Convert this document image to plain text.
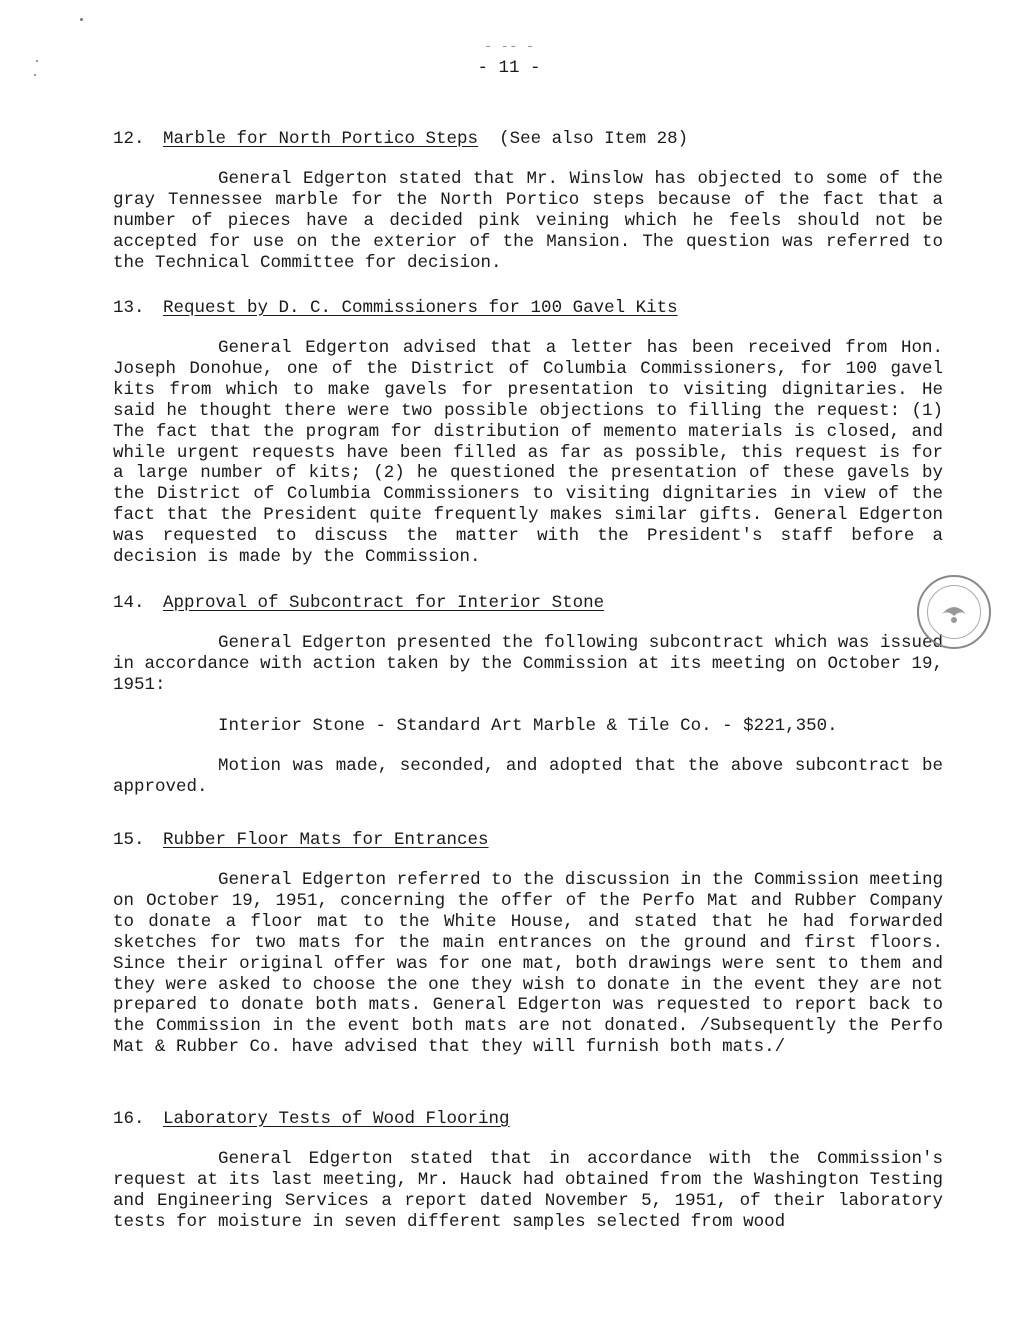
- -- -
- 11 -
12. Marble for North Portico Steps (See also Item 28)

General Edgerton stated that Mr. Winslow has objected to some of the gray Tennessee marble for the North Portico steps because of the fact that a number of pieces have a decided pink veining which he feels should not be accepted for use on the exterior of the Mansion. The question was referred to the Technical Committee for decision.

13. Request by D. C. Commissioners for 100 Gavel Kits

General Edgerton advised that a letter has been received from Hon. Joseph Donohue, one of the District of Columbia Commissioners, for 100 gavel kits from which to make gavels for presentation to visiting dignitaries. He said he thought there were two possible objections to filling the request: (1) The fact that the program for distribution of memento materials is closed, and while urgent requests have been filled as far as possible, this request is for a large number of kits; (2) he questioned the presentation of these gavels by the District of Columbia Commissioners to visiting dignitaries in view of the fact that the President quite frequently makes similar gifts. General Edgerton was requested to discuss the matter with the President's staff before a decision is made by the Commission.

14. Approval of Subcontract for Interior Stone

General Edgerton presented the following subcontract which was issued in accordance with action taken by the Commission at its meeting on October 19, 1951:

Interior Stone - Standard Art Marble & Tile Co. - $221,350.

Motion was made, seconded, and adopted that the above subcontract be approved.

15. Rubber Floor Mats for Entrances

General Edgerton referred to the discussion in the Commission meeting on October 19, 1951, concerning the offer of the Perfo Mat and Rubber Company to donate a floor mat to the White House, and stated that he had forwarded sketches for two mats for the main entrances on the ground and first floors. Since their original offer was for one mat, both drawings were sent to them and they were asked to choose the one they wish to donate in the event they are not prepared to donate both mats. General Edgerton was requested to report back to the Commission in the event both mats are not donated. /Subsequently the Perfo Mat & Rubber Co. have advised that they will furnish both mats./

16. Laboratory Tests of Wood Flooring

General Edgerton stated that in accordance with the Commission's request at its last meeting, Mr. Hauck had obtained from the Washington Testing and Engineering Services a report dated November 5, 1951, of their laboratory tests for moisture in seven different samples selected from wood
